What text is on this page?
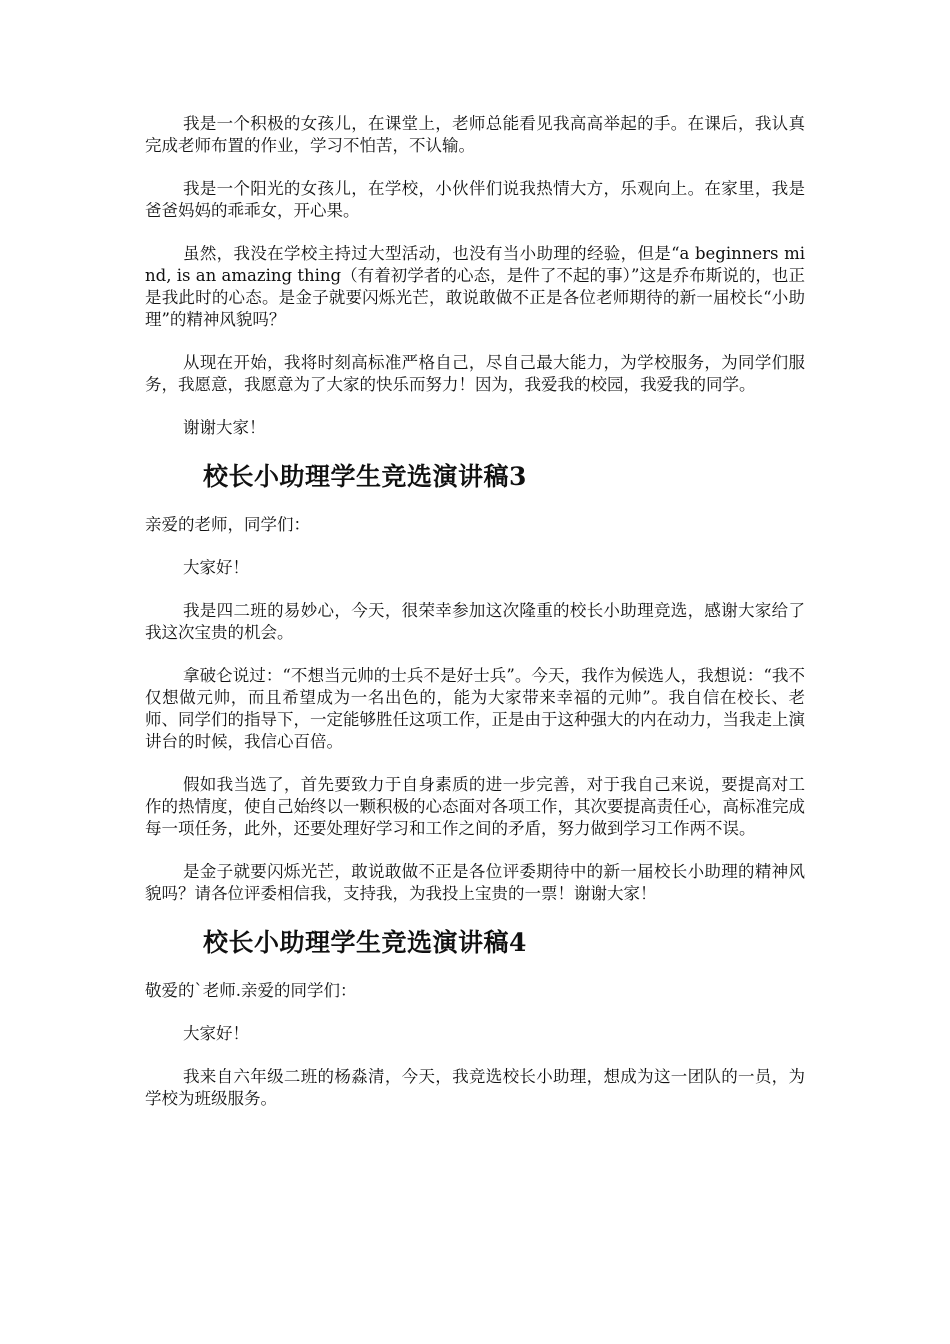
我是一个积极的女孩儿，在课堂上，老师总能看见我高高举起的手。在课后，我认真完成老师布置的作业，学习不怕苦，不认输。

我是一个阳光的女孩儿，在学校，小伙伴们说我热情大方，乐观向上。在家里，我是爸爸妈妈的乖乖女，开心果。

虽然，我没在学校主持过大型活动，也没有当小助理的经验，但是“a beginners mind, is an amazing thing（有着初学者的心态，是件了不起的事）”这是乔布斯说的，也正是我此时的心态。是金子就要闪烁光芒，敢说敢做不正是各位老师期待的新一届校长“小助理”的精神风貌吗？

从现在开始，我将时刻高标准严格自己，尽自己最大能力，为学校服务，为同学们服务，我愿意，我愿意为了大家的快乐而努力！因为，我爱我的校园，我爱我的同学。

谢谢大家！

校长小助理学生竞选演讲稿3

亲爱的老师，同学们：

大家好！

我是四二班的易妙心，今天，很荣幸参加这次隆重的校长小助理竞选，感谢大家给了我这次宝贵的机会。

拿破仑说过：“不想当元帅的士兵不是好士兵”。今天，我作为候选人，我想说：“我不仅想做元帅，而且希望成为一名出色的，能为大家带来幸福的元帅”。我自信在校长、老师、同学们的指导下，一定能够胜任这项工作，正是由于这种强大的内在动力，当我走上演讲台的时候，我信心百倍。

假如我当选了，首先要致力于自身素质的进一步完善，对于我自己来说，要提高对工作的热情度，使自己始终以一颗积极的心态面对各项工作，其次要提高责任心，高标准完成每一项任务，此外，还要处理好学习和工作之间的矛盾，努力做到学习工作两不误。

是金子就要闪烁光芒，敢说敢做不正是各位评委期待中的新一届校长小助理的精神风貌吗？请各位评委相信我，支持我，为我投上宝贵的一票！谢谢大家！

校长小助理学生竞选演讲稿4

敬爱的`老师.亲爱的同学们：

大家好！

我来自六年级二班的杨淼清，今天，我竞选校长小助理，想成为这一团队的一员，为学校为班级服务。
